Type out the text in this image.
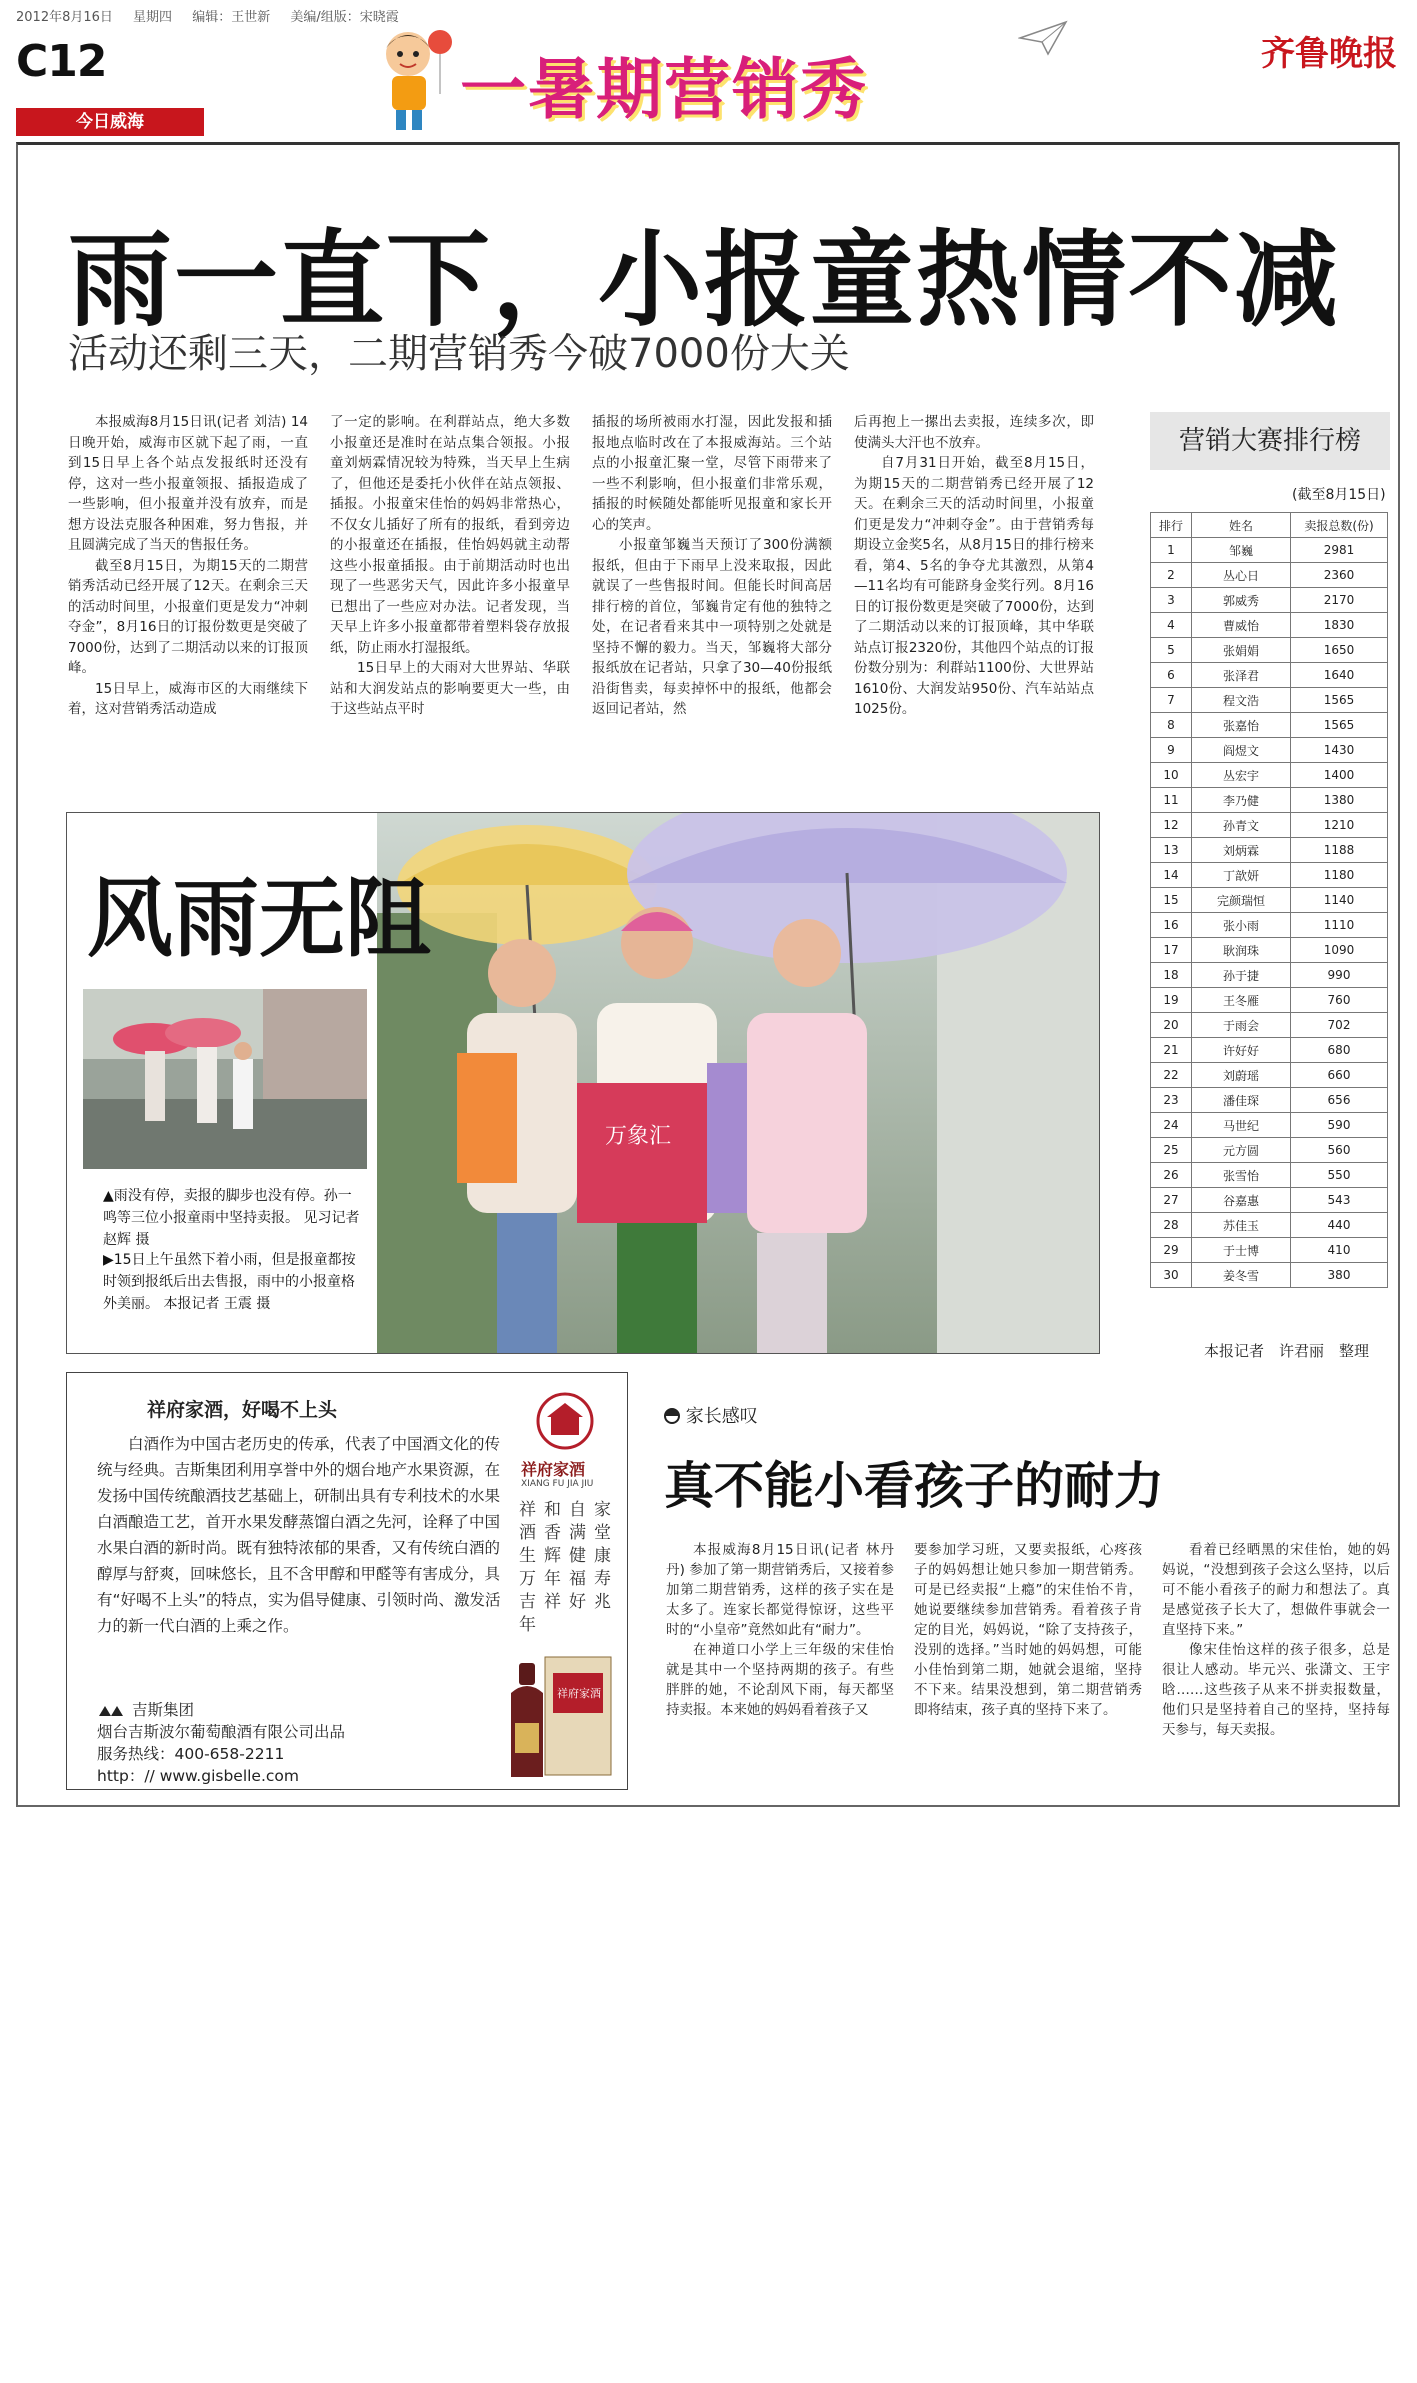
2012年8月16日 星期四 编辑：王世新 美编/组版：宋晓霞
C12
今日威海	一暑期营销秀	齐鲁晚报
雨一直下，小报童热情不减
活动还剩三天，二期营销秀今破7000份大关

本报威海8月15日讯(记者 刘洁) 14日晚开始，威海市区就下起了雨，一直到15日早上各个站点发报纸时还没有停，这对一些小报童领报、插报造成了一些影响，但小报童并没有放弃，而是想方设法克服各种困难，努力售报，并且圆满完成了当天的售报任务。

截至8月15日，为期15天的二期营销秀活动已经开展了12天。在剩余三天的活动时间里，小报童们更是发力“冲刺夺金”，8月16日的订报份数更是突破了7000份，达到了二期活动以来的订报顶峰。

15日早上，威海市区的大雨继续下着，这对营销秀活动造成

了一定的影响。在利群站点，绝大多数小报童还是准时在站点集合领报。小报童刘炳霖情况较为特殊，当天早上生病了，但他还是委托小伙伴在站点领报、插报。小报童宋佳怡的妈妈非常热心，不仅女儿插好了所有的报纸，看到旁边的小报童还在插报，佳怡妈妈就主动帮这些小报童插报。由于前期活动时也出现了一些恶劣天气，因此许多小报童早已想出了一些应对办法。记者发现，当天早上许多小报童都带着塑料袋存放报纸，防止雨水打湿报纸。

15日早上的大雨对大世界站、华联站和大润发站点的影响要更大一些，由于这些站点平时

插报的场所被雨水打湿，因此发报和插报地点临时改在了本报威海站。三个站点的小报童汇聚一堂，尽管下雨带来了一些不利影响，但小报童们非常乐观，插报的时候随处都能听见报童和家长开心的笑声。

小报童邹巍当天预订了300份满额报纸，但由于下雨早上没来取报，因此就误了一些售报时间。但能长时间高居排行榜的首位，邹巍肯定有他的独特之处，在记者看来其中一项特别之处就是坚持不懈的毅力。当天，邹巍将大部分报纸放在记者站，只拿了30—40份报纸沿街售卖，每卖掉怀中的报纸，他都会返回记者站，然

后再抱上一摞出去卖报，连续多次，即使满头大汗也不放弃。

自7月31日开始，截至8月15日，为期15天的二期营销秀已经开展了12天。在剩余三天的活动时间里，小报童们更是发力“冲刺夺金”。由于营销秀每期设立金奖5名，从8月15日的排行榜来看，第4、5名的争夺尤其激烈，从第4—11名均有可能跻身金奖行列。8月16日的订报份数更是突破了7000份，达到了二期活动以来的订报顶峰，其中华联站点订报2320份，其他四个站点的订报份数分别为：利群站1100份、大世界站1610份、大润发站950份、汽车站站点1025份。

营销大赛排行榜
(截至8月15日)
排行	姓名	卖报总数(份)
1	邹巍	2981
2	丛心日	2360
3	郭威秀	2170
4	曹威怡	1830
5	张娟娟	1650
6	张泽君	1640
7	程文浩	1565
8	张嘉怡	1565
9	阎煜文	1430
10	丛宏宇	1400
11	李乃健	1380
12	孙青文	1210
13	刘炳霖	1188
14	丁歆妍	1180
15	完颜瑞恒	1140
16	张小雨	1110
17	耿润珠	1090
18	孙于捷	990
19	王冬雁	760
20	于雨会	702
21	许好好	680
22	刘蔚瑶	660
23	潘佳琛	656
24	马世纪	590
25	元方圆	560
26	张雪怡	550
27	谷嘉惠	543
28	苏佳玉	440
29	于士博	410
30	姜冬雪	380
本报记者　许君丽　整理
万象汇
风雨无阻
▲雨没有停，卖报的脚步也没有停。孙一鸣等三位小报童雨中坚持卖报。 见习记者 赵辉 摄
▶15日上午虽然下着小雨，但是报童都按时领到报纸后出去售报，雨中的小报童格外美丽。 本报记者 王震 摄
祥府家酒，好喝不上头
白酒作为中国古老历史的传承，代表了中国酒文化的传统与经典。吉斯集团利用享誉中外的烟台地产水果资源，在发扬中国传统酿酒技艺基础上，研制出具有专利技术的水果白酒酿造工艺，首开水果发酵蒸馏白酒之先河，诠释了中国水果白酒的新时尚。既有独特浓郁的果香，又有传统白酒的醇厚与舒爽，回味悠长，且不含甲醇和甲醛等有害成分，具有“好喝不上头”的特点，实为倡导健康、引领时尚、激发活力的新一代白酒的上乘之作。
吉斯集团
烟台吉斯波尔葡萄酿酒有限公司出品
服务热线：400-658-2211
http：// www.gisbelle.com
祥府家酒
XIANG FU JIA JIU
祥和自家酒香满堂生辉健康万年福寿吉祥好兆年
祥府家酒
家长感叹
真不能小看孩子的耐力

本报威海8月15日讯(记者 林丹丹) 参加了第一期营销秀后，又接着参加第二期营销秀，这样的孩子实在是太多了。连家长都觉得惊讶，这些平时的“小皇帝”竟然如此有“耐力”。

在神道口小学上三年级的宋佳怡就是其中一个坚持两期的孩子。有些胖胖的她，不论刮风下雨，每天都坚持卖报。本来她的妈妈看着孩子又

要参加学习班，又要卖报纸，心疼孩子的妈妈想让她只参加一期营销秀。可是已经卖报“上瘾”的宋佳怡不肯，她说要继续参加营销秀。看着孩子肯定的目光，妈妈说，“除了支持孩子，没别的选择。”当时她的妈妈想，可能小佳怡到第二期，她就会退缩，坚持不下来。结果没想到，第二期营销秀即将结束，孩子真的坚持下来了。

看着已经晒黑的宋佳怡，她的妈妈说，“没想到孩子会这么坚持，以后可不能小看孩子的耐力和想法了。真是感觉孩子长大了，想做件事就会一直坚持下来。”

像宋佳怡这样的孩子很多，总是很让人感动。毕元兴、张潇文、王宇晗……这些孩子从来不拼卖报数量，他们只是坚持着自己的坚持，坚持每天参与，每天卖报。
